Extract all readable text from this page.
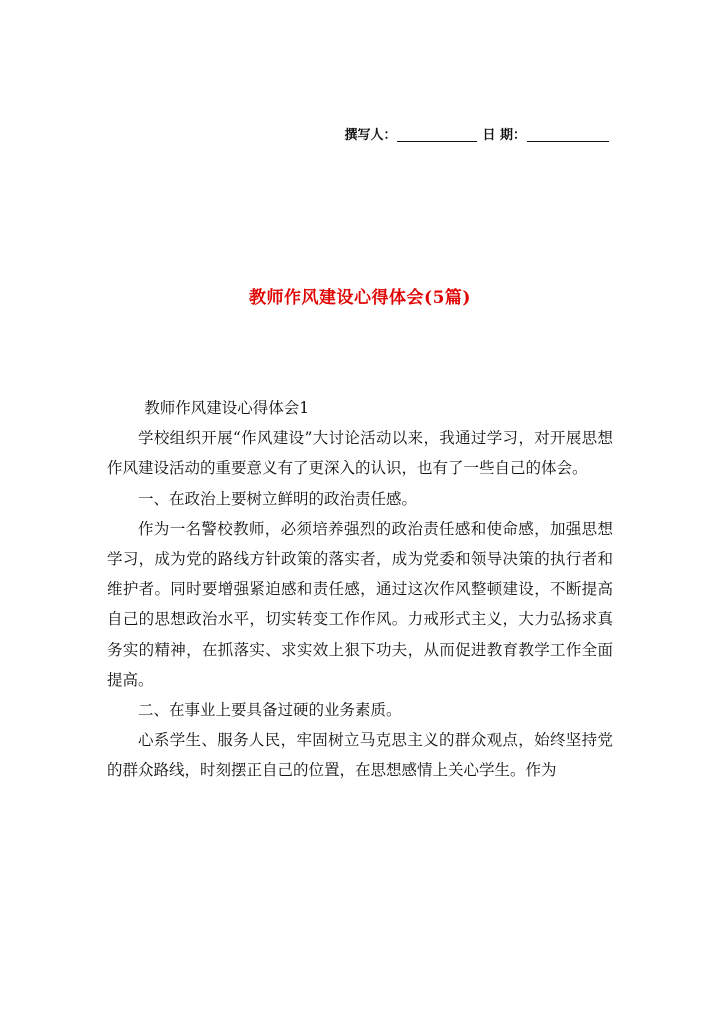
撰写人：	日 期：
教师作风建设心得体会(5篇)

教师作风建设心得体会1

学校组织开展“作风建设”大讨论活动以来，我通过学习，对开展思想作风建设活动的重要意义有了更深入的认识，也有了一些自己的体会。

一、在政治上要树立鲜明的政治责任感。

作为一名警校教师，必须培养强烈的政治责任感和使命感，加强思想学习，成为党的路线方针政策的落实者，成为党委和领导决策的执行者和维护者。同时要增强紧迫感和责任感，通过这次作风整顿建设，不断提高自己的思想政治水平，切实转变工作作风。力戒形式主义，大力弘扬求真务实的精神，在抓落实、求实效上狠下功夫，从而促进教育教学工作全面提高。

二、在事业上要具备过硬的业务素质。

心系学生、服务人民，牢固树立马克思主义的群众观点，始终坚持党的群众路线，时刻摆正自己的位置，在思想感情上关心学生。作为
